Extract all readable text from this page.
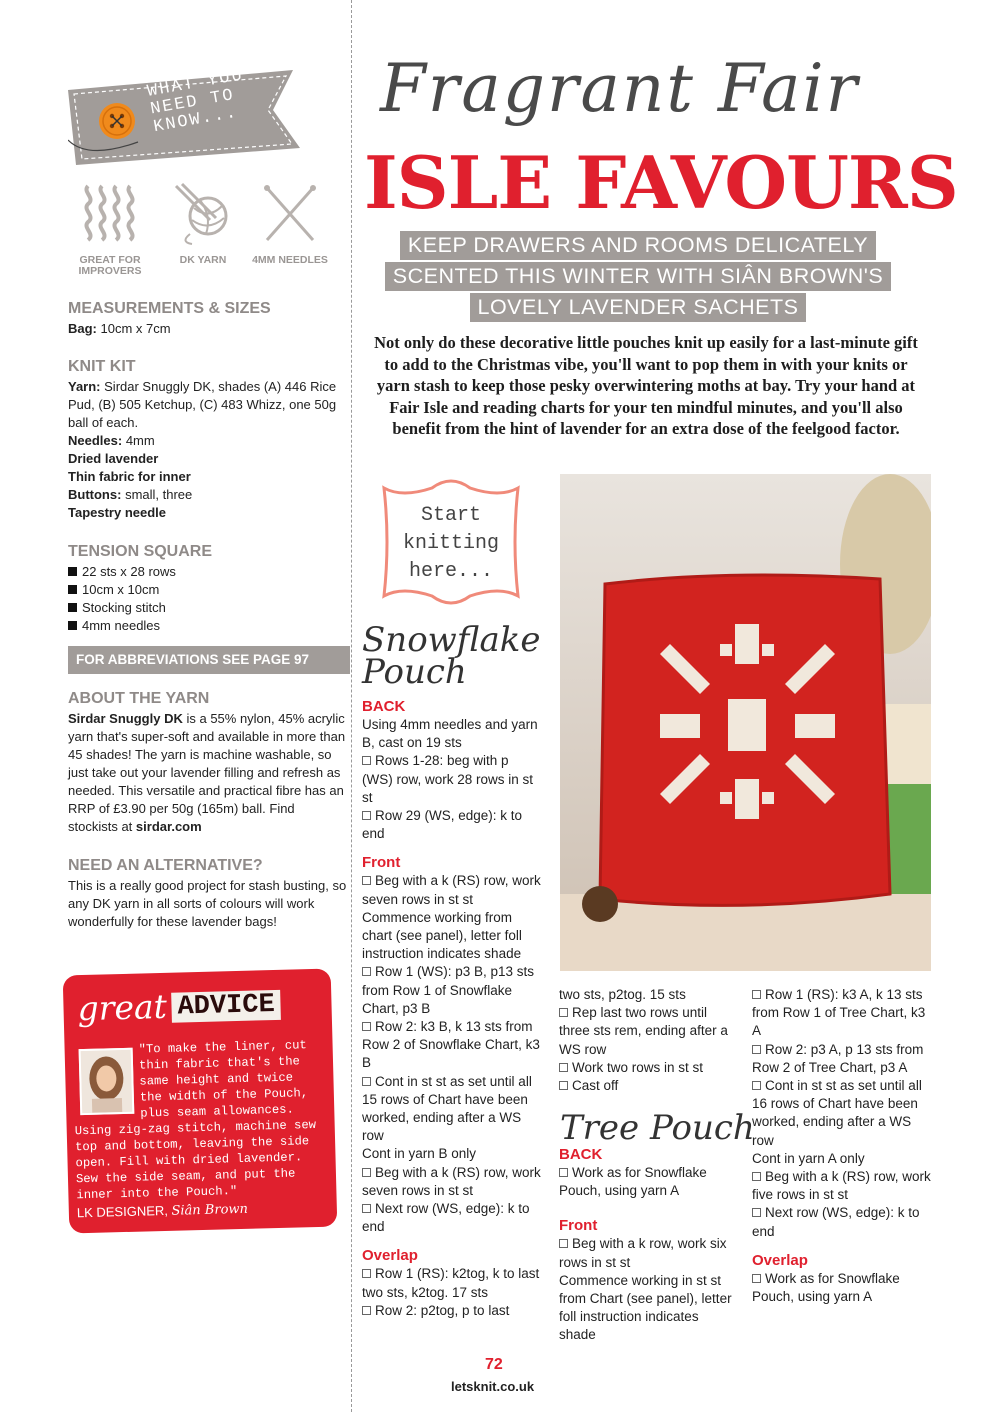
WHAT YOU NEED TO KNOW...
GREAT FOR IMPROVERS
DK YARN	4MM NEEDLES
MEASUREMENTS & SIZES

Bag: 10cm x 7cm

KNIT KIT

Yarn: Sirdar Snuggly DK, shades (A) 446 Rice Pud, (B) 505 Ketchup, (C) 483 Whizz, one 50g ball of each.

Needles: 4mm

Dried lavender

Thin fabric for inner

Buttons: small, three

Tapestry needle

TENSION SQUARE

22 sts x 28 rows

10cm x 10cm

Stocking stitch

4mm needles

FOR ABBREVIATIONS SEE PAGE 97
ABOUT THE YARN

Sirdar Snuggly DK is a 55% nylon, 45% acrylic yarn that's super-soft and available in more than 45 shades! The yarn is machine washable, so just take out your lavender filling and refresh as needed. This versatile and practical fibre has an RRP of £3.90 per 50g (165m) ball. Find stockists at sirdar.com

NEED AN ALTERNATIVE?

This is a really good project for stash busting, so any DK yarn in all sorts of colours will work wonderfully for these lavender bags!

great ADVICE
"To make the liner, cut
thin fabric that's the
same height and twice
the width of the Pouch,
plus seam allowances.
Using zig-zag stitch, machine sew top and bottom, leaving the side open. Fill with dried lavender. Sew the side seam, and put the inner into the Pouch."
LK DESIGNER, Siân Brown
Fragrant Fair
ISLE FAVOURS
KEEP DRAWERS AND ROOMS DELICATELY
SCENTED THIS WINTER WITH SIÂN BROWN'S
LOVELY LAVENDER SACHETS
Not only do these decorative little pouches knit up easily for a last-minute gift to add to the Christmas vibe, you'll want to pop them in with your knits or yarn stash to keep those pesky overwintering moths at bay. Try your hand at Fair Isle and reading charts for your ten mindful minutes, and you'll also benefit from the hint of lavender for an extra dose of the feelgood factor.
Start
knitting
here...
Snowflake
Pouch

BACK

Using 4mm needles and yarn B, cast on 19 sts

Rows 1-28: beg with p (WS) row, work 28 rows in st st

Row 29 (WS, edge): k to end

Front

Beg with a k (RS) row, work seven rows in st st

Commence working from chart (see panel), letter foll instruction indicates shade

Row 1 (WS): p3 B, p13 sts from Row 1 of Snowflake Chart, p3 B

Row 2: k3 B, k 13 sts from Row 2 of Snowflake Chart, k3 B

Cont in st st as set until all 15 rows of Chart have been worked, ending after a WS row

Cont in yarn B only

Beg with a k (RS) row, work seven rows in st st

Next row (WS, edge): k to end

Overlap

Row 1 (RS): k2tog, k to last two sts, k2tog. 17 sts

Row 2: p2tog, p to last

two sts, p2tog. 15 sts

Rep last two rows until three sts rem, ending after a WS row

Work two rows in st st

Cast off

Tree Pouch

BACK

Work as for Snowflake Pouch, using yarn A

Front

Beg with a k row, work six rows in st st

Commence working in st st from Chart (see panel), letter foll instruction indicates shade

Row 1 (RS): k3 A, k 13 sts from Row 1 of Tree Chart, k3 A

Row 2: p3 A, p 13 sts from Row 2 of Tree Chart, p3 A

Cont in st st as set until all 16 rows of Chart have been worked, ending after a WS row

Cont in yarn A only

Beg with a k (RS) row, work five rows in st st

Next row (WS, edge): k to end

Overlap

Work as for Snowflake Pouch, using yarn A

72
letsknit.co.uk
